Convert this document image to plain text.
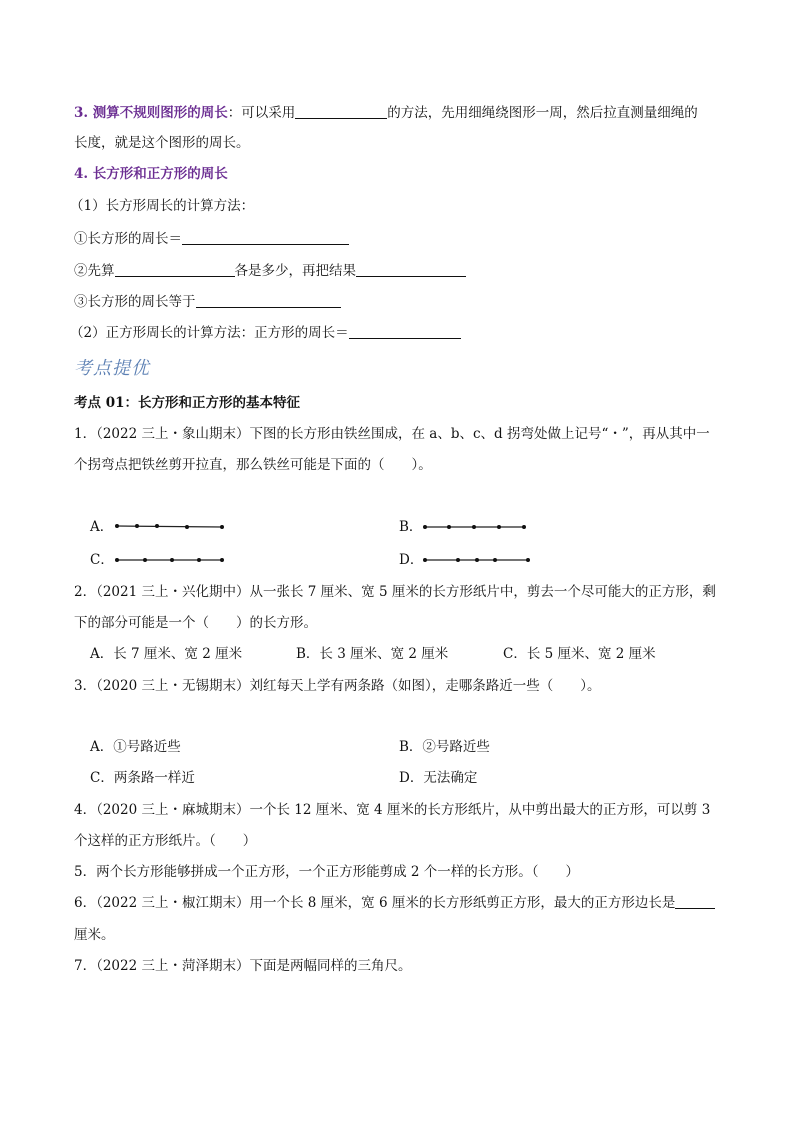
3. 测算不规则图形的周长：可以采用	的方法，先用细绳绕图形一周，然后拉直测量细绳的
长度，就是这个图形的周长。
4. 长方形和正方形的周长
（1）长方形周长的计算方法：
①长方形的周长＝
②先算	各是多少，再把结果
③长方形的周长等于
（2）正方形周长的计算方法：正方形的周长＝
考点提优
考点 01：长方形和正方形的基本特征
1．（2022 三上・象山期末）下图的长方形由铁丝围成，在 a、b、c、d 拐弯处做上记号“・”，再从其中一
个拐弯点把铁丝剪开拉直，那么铁丝可能是下面的（　　）。
A．	B．
C．	D．
2．（2021 三上・兴化期中）从一张长 7 厘米、宽 5 厘米的长方形纸片中，剪去一个尽可能大的正方形，剩
下的部分可能是一个（　　）的长方形。
A．长 7 厘米、宽 2 厘米	B．长 3 厘米、宽 2 厘米	C．长 5 厘米、宽 2 厘米
3．（2020 三上・无锡期末）刘红每天上学有两条路（如图），走哪条路近一些（　　）。
A．①号路近些	B．②号路近些
C．两条路一样近	D．无法确定
4．（2020 三上・麻城期末）一个长 12 厘米、宽 4 厘米的长方形纸片，从中剪出最大的正方形，可以剪 3
个这样的正方形纸片。（　　）
5．两个长方形能够拼成一个正方形，一个正方形能剪成 2 个一样的长方形。（　　）
6．（2022 三上・椒江期末）用一个长 8 厘米，宽 6 厘米的长方形纸剪正方形，最大的正方形边长是
厘米。
7．（2022 三上・菏泽期末）下面是两幅同样的三角尺。
